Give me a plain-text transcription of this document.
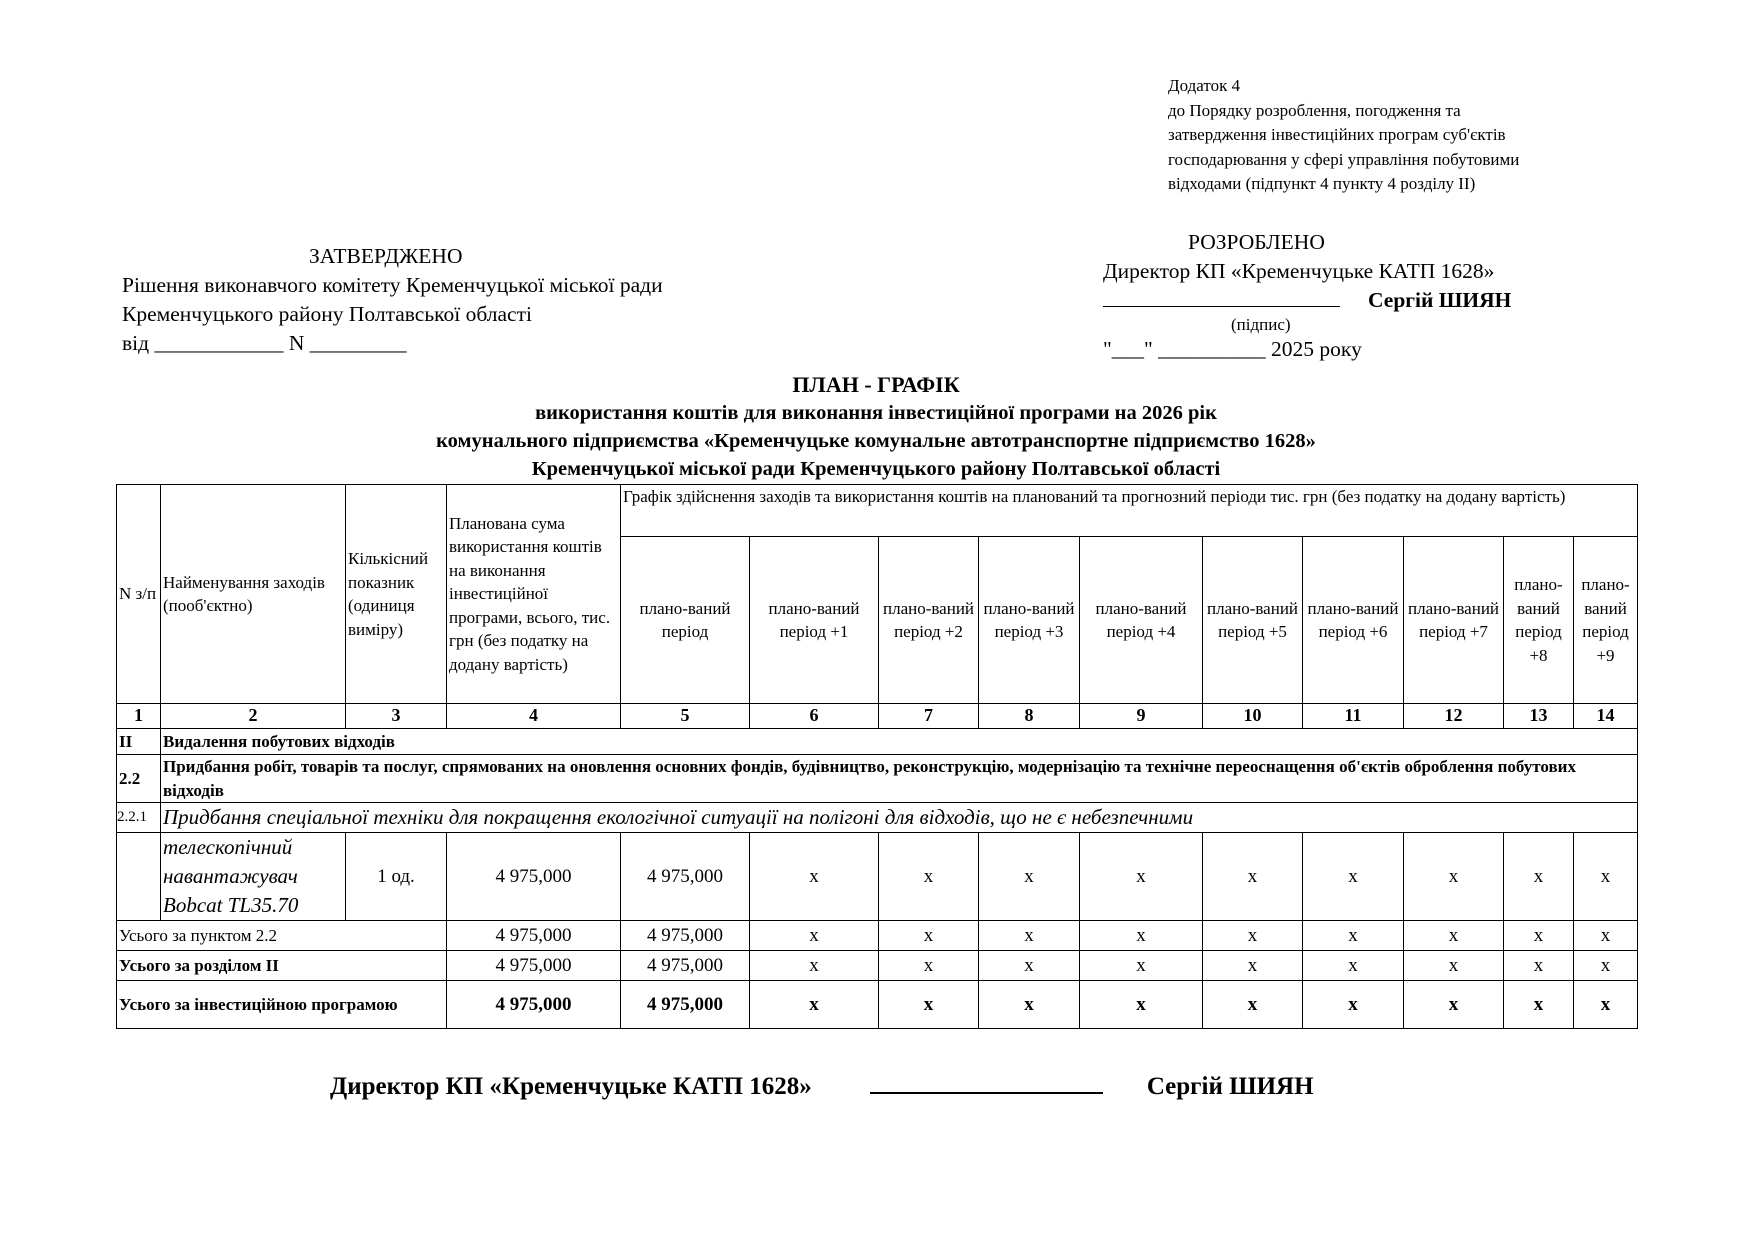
Додаток 4
до Порядку розроблення, погодження та
затвердження інвестиційних програм суб'єктів
господарювання у сфері управління побутовими
відходами (підпункт 4 пункту 4 розділу II)
ЗАТВЕРДЖЕНО
Рішення виконавчого комітету Кременчуцької міської ради
Кременчуцького району Полтавської області
від ____________ N _________
РОЗРОБЛЕНО
Директор КП «Кременчуцьке КАТП 1628»
Сергій ШИЯН
(підпис)
"___" __________ 2025 року
ПЛАН - ГРАФІК
використання коштів для виконання інвестиційної програми на 2026 рік
комунального підприємства «Кременчуцьке комунальне автотранспортне підприємство 1628»
Кременчуцької міської ради Кременчуцького району Полтавської області
N з/п	Найменування заходів (пооб'єктно)	Кількісний показник (одиниця виміру)	Планована сума використання коштів на виконання інвестиційної програми, всього, тис. грн (без податку на додану вартість)	Графік здійснення заходів та використання коштів на планований та прогнозний періоди тис. грн (без податку на додану вартість)									
				плано-ваний період	плано-ваний період +1	плано-ваний період +2	плано-ваний період +3	плано-ваний період +4	плано-ваний період +5	плано-ваний період +6	плано-ваний період +7	плано-ваний період +8	плано-ваний період +9
1	2	3	4	5	6	7	8	9	10	11	12	13	14
II	Видалення побутових відходів												
2.2	Придбання робіт, товарів та послуг, спрямованих на оновлення основних фондів, будівництво, реконструкцію, модернізацію та технічне переоснащення об'єктів оброблення побутових відходів												
2.2.1	Придбання спеціальної техніки для покращення екологічної ситуації на полігоні для відходів, що не є небезпечними												
	телескопічний навантажувач Bobcat TL35.70	1 од.	4 975,000	4 975,000	x	x	x	x	x	x	x	x	x
Усього за пунктом 2.2			4 975,000	4 975,000	x	x	x	x	x	x	x	x	x
Усього за розділом II			4 975,000	4 975,000	x	x	x	x	x	x	x	x	x
Усього за інвестиційною програмою			4 975,000	4 975,000	x	x	x	x	x	x	x	x	x
Директор КП «Кременчуцьке КАТП 1628»	Сергій ШИЯН
